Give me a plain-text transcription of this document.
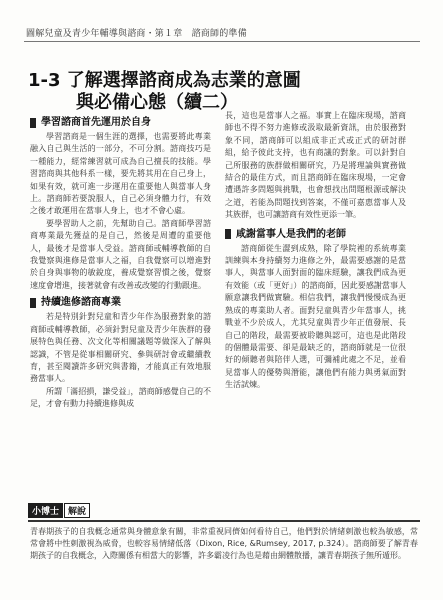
圖解兒童及青少年輔導與諮商・第１章　諮商師的準備
1-3 了解選擇諮商成為志業的意圖
與必備心態（續二）
學習諮商首先運用於自身

學習諮商是一個生涯的選擇，也需要將此專業融入自己與生活的一部分，不可分割。諮商技巧是一種能力，經常練習就可成為自己擅長的技能。學習諮商與其他科系一樣，要先將其用在自己身上，如果有效，就可進一步運用在重要他人與當事人身上。諮商師若要說服人，自己必須身體力行，有效之後才敢運用在當事人身上，也才不會心虛。

要學習助人之前，先幫助自己。諮商師學習諮商專業最先獲益的是自己，然後是周遭的重要他人，最後才是當事人受益。諮商師或輔導教師的自我覺察與進修是當事人之福，自我覺察可以增進對於自身與事物的敏銳度，養成覺察習慣之後，覺察速度會增進，接著就會有改善或改變的行動跟進。

持續進修諮商專業

若是特別針對兒童和青少年作為服務對象的諮商師或輔導教師，必須針對兒童及青少年族群的發展特色與任務、次文化等相關議題等做深入了解與認識，不管是從事相關研究、參與研討會或繼續教育，甚至閱讀許多研究與書籍，才能真正有效地服務當事人。

所謂「滿招損，謙受益」，諮商師感覺自己的不足，才會有動力持續進修與成

長，這也是當事人之福。事實上在臨床現場，諮商師也不得不努力進修或汲取最新資訊，由於服務對象不同，諮商師可以組成非正式或正式的研討群組，給予彼此支持，也有商議的對象。可以針對自己所服務的族群做相關研究，乃是將理論與實務做結合的最佳方式，而且諮商師在臨床現場，一定會遭遇許多問題與挑戰，也會想找出問題根源或解決之道，若能為問題找到答案，不僅可嘉惠當事人及其族群，也可讓諮商有效性更添一筆。

咸謝當事人是我們的老師

諮商師從生澀到成熟，除了學院裡的系統專業訓練與本身持續努力進修之外，最需要感謝的是當事人，與當事人面對面的臨床經驗，讓我們成為更有效能（或「更好」）的諮商師，因此要感謝當事人願意讓我們做實驗。相信我們，讓我們慢慢成為更熟成的專業助人者。面對兒童與青少年當事人，挑戰並不少於成人，尤其兒童與青少年正值發展、長自己的階段，最需要被聆聽與認可，這也是此階段的個體最需要、卻是最缺乏的，諮商師就是一位很好的傾聽者與陪伴人選，可彌補此處之不足，並看見當事人的優勢與潛能，讓他們有能力與勇氣面對生活試煉。

小博士	解說
青春期孩子的自我概念通常與身體意象有關，非常重視同儕如何看待自己，他們對於情緒刺激也較為敏感，常常會將中性刺激視為威脅，也較容易情緒低落（Dixon, Rice, &Rumsey, 2017, p.324）。諮商師要了解青春期孩子的自我概念，入際關係有相當大的影響，許多霸凌行為也是藉由網體散播，讓青春期孩子無所遁形。
